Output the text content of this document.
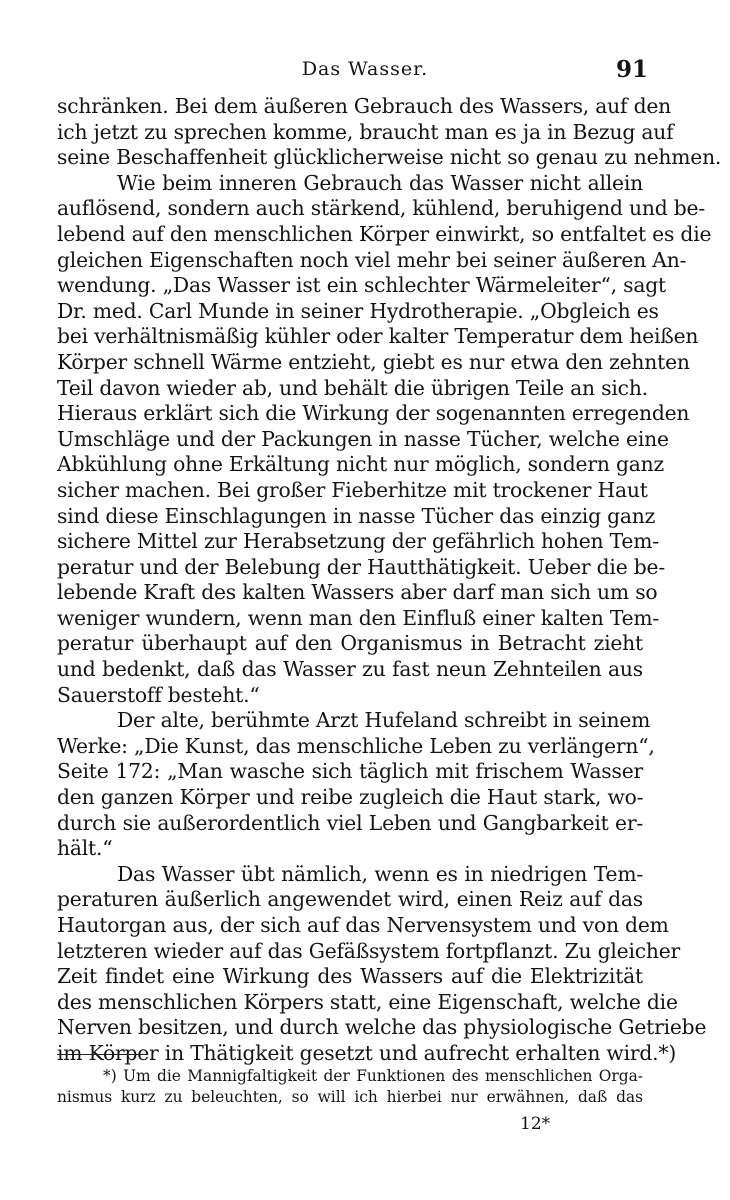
Das Wasser.	91
schränken. Bei dem äußeren Gebrauch des Wassers, auf den
ich jetzt zu sprechen komme, braucht man es ja in Bezug auf
seine Beschaffenheit glücklicherweise nicht so genau zu nehmen.
Wie beim inneren Gebrauch das Wasser nicht allein
auflösend, sondern auch stärkend, kühlend, beruhigend und be-
lebend auf den menschlichen Körper einwirkt, so entfaltet es die
gleichen Eigenschaften noch viel mehr bei seiner äußeren An-
wendung. „Das Wasser ist ein schlechter Wärmeleiter“, sagt
Dr. med. Carl Munde in seiner Hydrotherapie. „Obgleich es
bei verhältnismäßig kühler oder kalter Temperatur dem heißen
Körper schnell Wärme entzieht, giebt es nur etwa den zehnten
Teil davon wieder ab, und behält die übrigen Teile an sich.
Hieraus erklärt sich die Wirkung der sogenannten erregenden
Umschläge und der Packungen in nasse Tücher, welche eine
Abkühlung ohne Erkältung nicht nur möglich, sondern ganz
sicher machen. Bei großer Fieberhitze mit trockener Haut
sind diese Einschlagungen in nasse Tücher das einzig ganz
sichere Mittel zur Herabsetzung der gefährlich hohen Tem-
peratur und der Belebung der Hautthätigkeit. Ueber die be-
lebende Kraft des kalten Wassers aber darf man sich um so
weniger wundern, wenn man den Einfluß einer kalten Tem-
peratur überhaupt auf den Organismus in Betracht zieht
und bedenkt, daß das Wasser zu fast neun Zehnteilen aus
Sauerstoff besteht.“
Der alte, berühmte Arzt Hufeland schreibt in seinem
Werke: „Die Kunst, das menschliche Leben zu verlängern“,
Seite 172: „Man wasche sich täglich mit frischem Wasser
den ganzen Körper und reibe zugleich die Haut stark, wo-
durch sie außerordentlich viel Leben und Gangbarkeit er-
hält.“
Das Wasser übt nämlich, wenn es in niedrigen Tem-
peraturen äußerlich angewendet wird, einen Reiz auf das
Hautorgan aus, der sich auf das Nervensystem und von dem
letzteren wieder auf das Gefäßsystem fortpflanzt. Zu gleicher
Zeit findet eine Wirkung des Wassers auf die Elektrizität
des menschlichen Körpers statt, eine Eigenschaft, welche die
Nerven besitzen, und durch welche das physiologische Getriebe
im Körper in Thätigkeit gesetzt und aufrecht erhalten wird.*)
*) Um die Mannigfaltigkeit der Funktionen des menschlichen Orga-
nismus kurz zu beleuchten, so will ich hierbei nur erwähnen, daß das
12*
